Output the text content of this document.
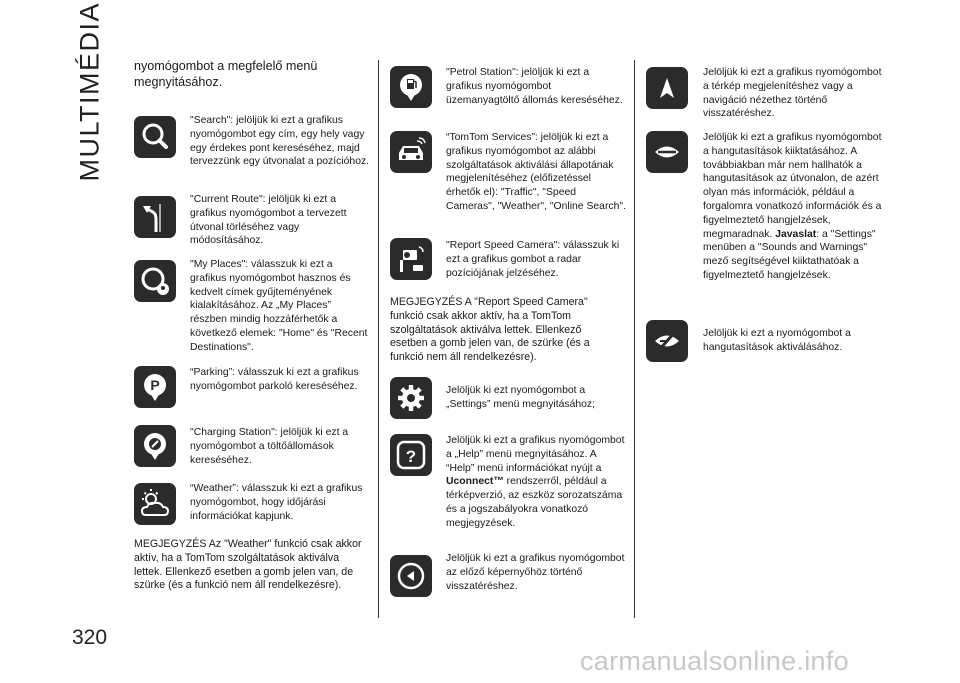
MULTIMÉDIA
320
carmanualsonline.info
nyomógombot a megfelelő menü megnyitásához.
"Search": jelöljük ki ezt a grafikus nyomógombot egy cím, egy hely vagy egy érdekes pont kereséséhez, majd tervezzünk egy útvonalat a pozícióhoz.
"Current Route": jelöljük ki ezt a grafikus nyomógombot a tervezett útvonal törléséhez vagy módosításához.
"My Places": válasszuk ki ezt a grafikus nyomógombot hasznos és kedvelt címek gyűjteményének kialakításához. Az „My Places” részben mindig hozzáférhetők a következő elemek: "Home" és "Recent Destinations".
P
“Parking”: válasszuk ki ezt a grafikus nyomógombot parkoló kereséséhez.
"Charging Station": jelöljük ki ezt a nyomógombot a töltőállomások kereséséhez.
“Weather”: válasszuk ki ezt a grafikus nyomógombot, hogy időjárási információkat kapjunk.
MEGJEGYZÉS Az "Weather" funkció csak akkor aktív, ha a TomTom szolgáltatások aktiválva lettek. Ellenkező esetben a gomb jelen van, de szürke (és a funkció nem áll rendelkezésre).
"Petrol Station": jelöljük ki ezt a grafikus nyomógombot üzemanyagtöltő állomás kereséséhez.
“TomTom Services”: jelöljük ki ezt a grafikus nyomógombot az alábbi szolgáltatások aktiválási állapotának megjelenítéséhez (előfizetéssel érhetők el): "Traffic", "Speed Cameras", "Weather", "Online Search".
"Report Speed Camera": válasszuk ki ezt a grafikus gombot a radar pozíciójának jelzéséhez.
MEGJEGYZÉS A "Report Speed Camera" funkció csak akkor aktív, ha a TomTom szolgáltatások aktiválva lettek. Ellenkező esetben a gomb jelen van, de szürke (és a funkció nem áll rendelkezésre).
Jelöljük ki ezt nyomógombot a „Settings” menü megnyitásához;
?
Jelöljük ki ezt a grafikus nyomógombot a „Help” menü megnyitásához. A “Help” menü információkat nyújt a Uconnect™ rendszerről, például a térképverzió, az eszköz sorozatszáma és a jogszabályokra vonatkozó megjegyzések.
Jelöljük ki ezt a grafikus nyomógombot az előző képernyőhöz történő visszatéréshez.
Jelöljük ki ezt a grafikus nyomógombot a térkép megjelenítéshez vagy a navigáció nézethez történő visszatéréshez.
Jelöljük ki ezt a grafikus nyomógombot a hangutasítások kiiktatásához. A továbbiakban már nem hallhatók a hangutasítások az útvonalon, de azért olyan más információk, például a forgalomra vonatkozó információk és a figyelmeztető hangjelzések, megmaradnak. Javaslat: a "Settings" menüben a "Sounds and Warnings" mező segítségével kiiktathatóak a figyelmeztető hangjelzések.
Jelöljük ki ezt a nyomógombot a hangutasítások aktiválásához.
